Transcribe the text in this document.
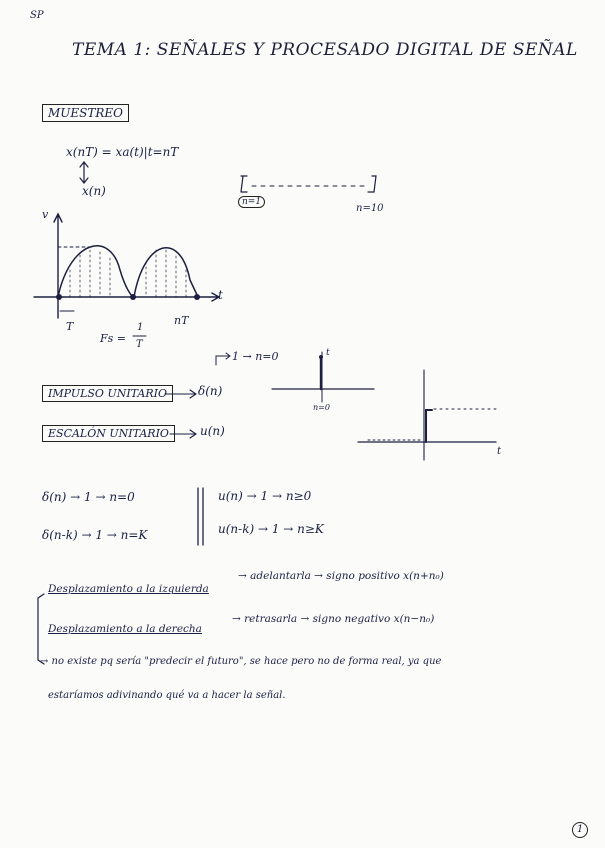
SP
TEMA 1: SEÑALES Y PROCESADO DIGITAL DE SEÑAL
MUESTREO
x(nT) = xa(t)|t=nT
x(n)
n=1
n=10
v
t
T	nT
Fs =
1
T
1 → n=0
IMPULSO UNITARIO	δ(n)
n=0
t
ESCALÓN UNITARIO	u(n)
t
δ(n) → 1 → n=0
δ(n-k) → 1 → n=K
u(n) → 1 → n≥0
u(n-k) → 1 → n≥K
Desplazamiento a la izquierda
→ adelantarla → signo positivo x(n+n₀)
Desplazamiento a la derecha
→ retrasarla → signo negativo x(n−n₀)
→ no existe pq sería "predecir el futuro", se hace pero no de forma real, ya que
estaríamos adivinando qué va a hacer la señal.
1
